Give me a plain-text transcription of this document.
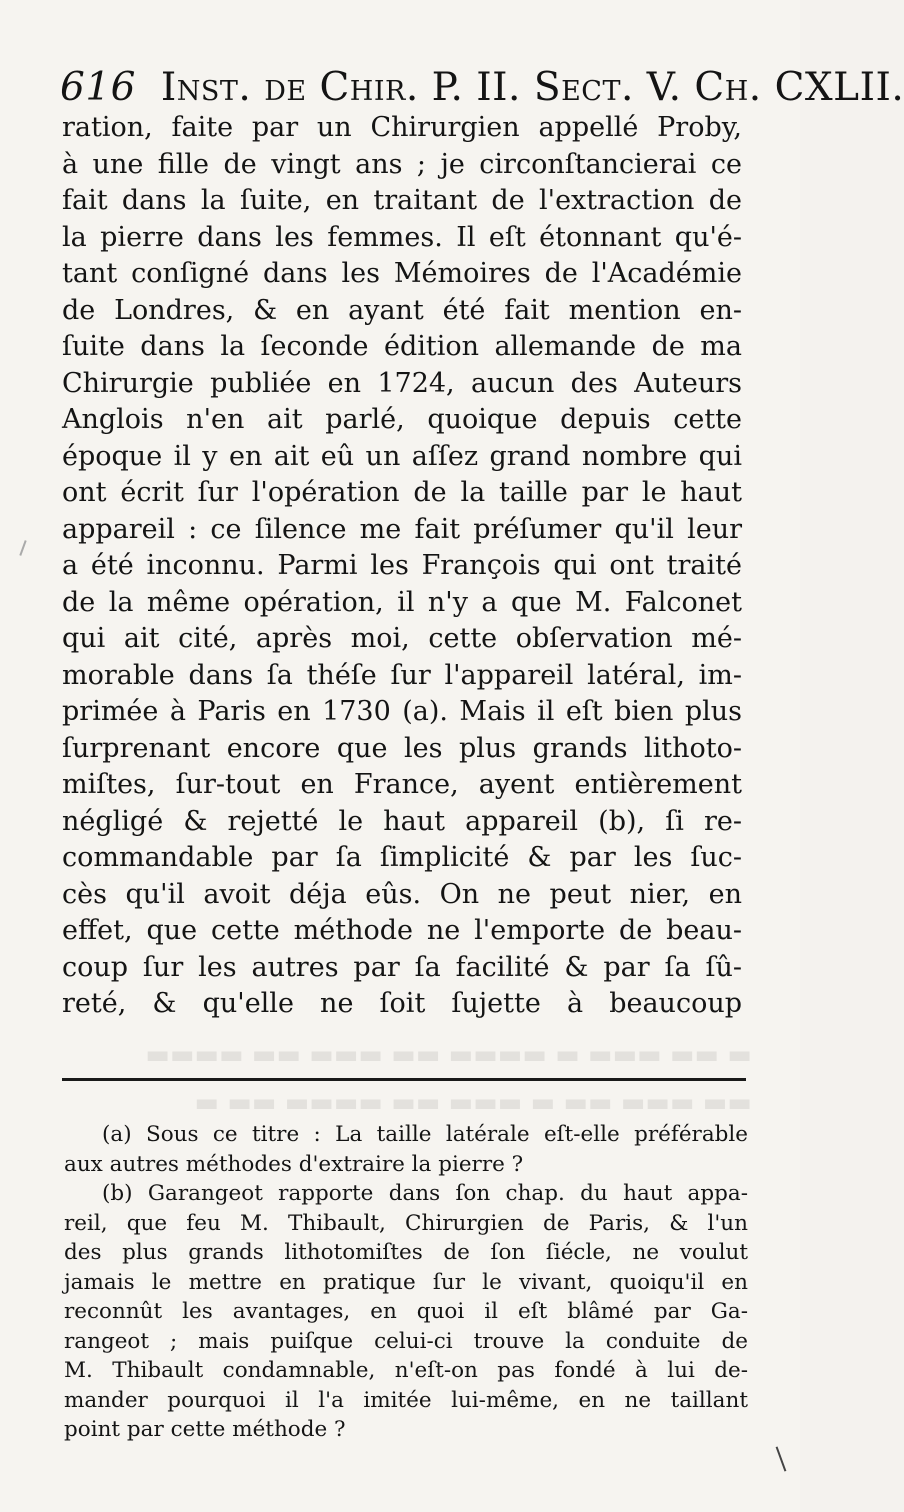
▬ ▬▬ ▬▬▬ ▬ ▬▬▬▬ ▬▬ ▬▬▬ ▬▬ ▬▬▬▬
▬▬ ▬▬▬ ▬▬ ▬ ▬▬▬ ▬▬ ▬▬▬▬ ▬▬ ▬
616 Inst. de Chir. P. II. Sect. V. Ch. CXLII.
ration, faite par un Chirurgien appellé Proby,
à une fille de vingt ans ; je circonſtancierai ce
fait dans la ſuite, en traitant de l'extraction de
la pierre dans les femmes. Il eſt étonnant qu'é-
tant conſigné dans les Mémoires de l'Académie
de Londres, & en ayant été fait mention en-
ſuite dans la ſeconde édition allemande de ma
Chirurgie publiée en 1724, aucun des Auteurs
Anglois n'en ait parlé, quoique depuis cette
époque il y en ait eû un aſſez grand nombre qui
ont écrit ſur l'opération de la taille par le haut
appareil : ce ſilence me fait préſumer qu'il leur
a été inconnu. Parmi les François qui ont traité
de la même opération, il n'y a que M. Falconet
qui ait cité, après moi, cette obſervation mé-
morable dans ſa théſe ſur l'appareil latéral, im-
primée à Paris en 1730 (a). Mais il eſt bien plus
ſurprenant encore que les plus grands lithoto-
miſtes, ſur-tout en France, ayent entièrement
négligé & rejetté le haut appareil (b), ſi re-
commandable par ſa ſimplicité & par les ſuc-
cès qu'il avoit déja eûs. On ne peut nier, en
effet, que cette méthode ne l'emporte de beau-
coup ſur les autres par ſa facilité & par ſa ſû-
reté, & qu'elle ne ſoit ſujette à beaucoup
(a) Sous ce titre : La taille latérale eſt-elle préférable
aux autres méthodes d'extraire la pierre ?
(b) Garangeot rapporte dans ſon chap. du haut appa-
reil, que feu M. Thibault, Chirurgien de Paris, & l'un
des plus grands lithotomiſtes de ſon ſiécle, ne voulut
jamais le mettre en pratique ſur le vivant, quoiqu'il en
reconnût les avantages, en quoi il eſt blâmé par Ga-
rangeot ; mais puiſque celui-ci trouve la conduite de
M. Thibault condamnable, n'eſt-on pas fondé à lui de-
mander pourquoi il l'a imitée lui-même, en ne taillant
point par cette méthode ?
